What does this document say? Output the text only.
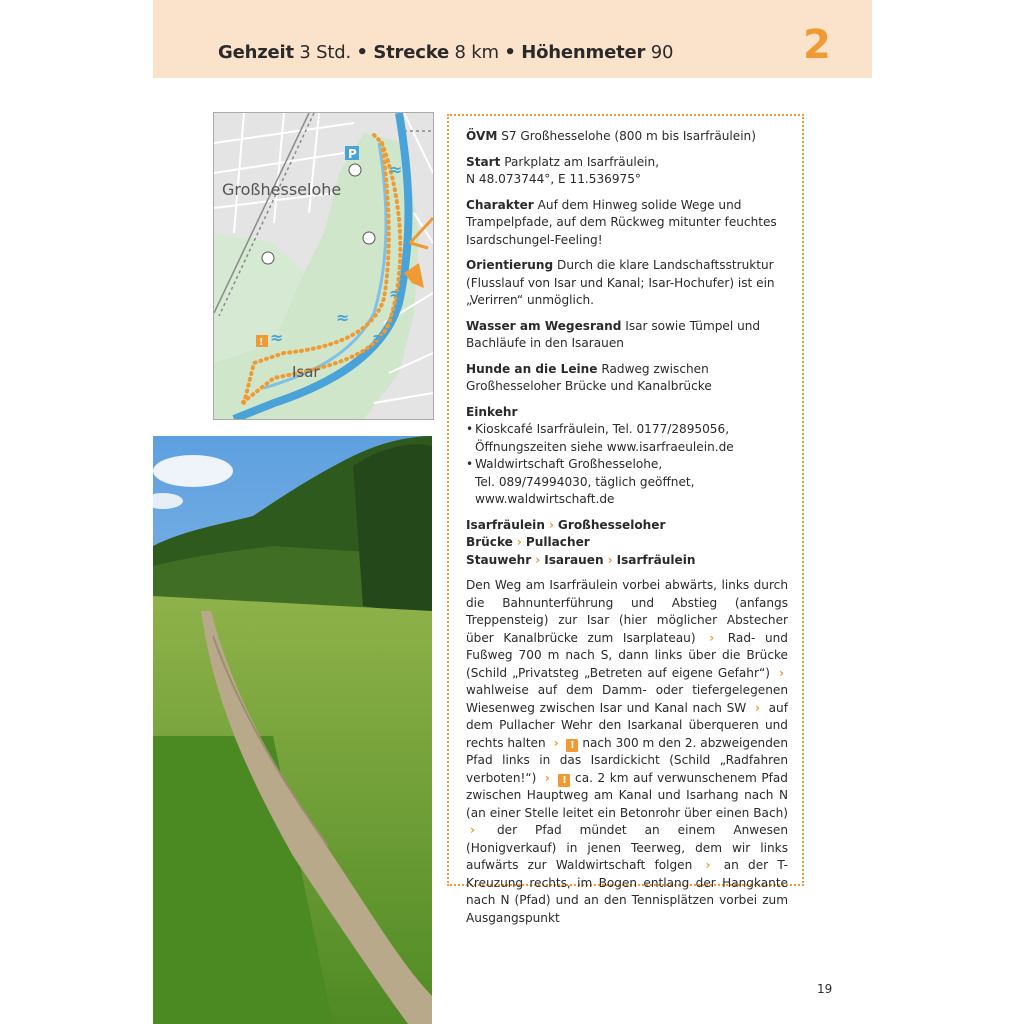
Gehzeit 3 Std. • Strecke 8 km • Höhenmeter 90	2
P
!
≈
≈
≈
≈
≈
Großhesselohe
Isar

ÖVM S7 Großhesselohe (800 m bis Isarfräulein)

Start Parkplatz am Isarfräulein,
N 48.073744°, E 11.536975°

Charakter Auf dem Hinweg solide Wege und Trampelpfade, auf dem Rückweg mitunter feuchtes Isardschungel-Feeling!

Orientierung Durch die klare Landschaftsstruktur (Flusslauf von Isar und Kanal; Isar-Hochufer) ist ein „Verirren“ unmöglich.

Wasser am Wegesrand Isar sowie Tümpel und Bachläufe in den Isarauen

Hunde an die Leine Radweg zwischen Großhesseloher Brücke und Kanalbrücke

Einkehr

• Kioskcafé Isarfräulein, Tel. 0177/2895056,
Öffnungszeiten siehe www.isarfraeulein.de
• Waldwirtschaft Großhesselohe,
Tel. 089/74994030, täglich geöffnet,
www.waldwirtschaft.de

Isarfräulein › Großhesseloher Brücke › Pullacher Stauwehr › Isarauen › Isarfräulein

Den Weg am Isarfräulein vorbei abwärts, links durch die Bahnunterführung und Abstieg (anfangs Treppensteig) zur Isar (hier möglicher Abstecher über Kanalbrücke zum Isarplateau) › Rad- und Fußweg 700 m nach S, dann links über die Brücke (Schild „Privatsteg „Betreten auf eigene Gefahr“) › wahlweise auf dem Damm- oder tiefergelegenen Wiesenweg zwischen Isar und Kanal nach SW › auf dem Pullacher Wehr den Isarkanal überqueren und rechts halten › ! nach 300 m den 2. abzweigenden Pfad links in das Isardickicht (Schild „Radfahren verboten!“) › ! ca. 2 km auf verwunschenem Pfad zwischen Hauptweg am Kanal und Isarhang nach N (an einer Stelle leitet ein Betonrohr über einen Bach) › der Pfad mündet an einem Anwesen (Honigverkauf) in jenen Teerweg, dem wir links aufwärts zur Waldwirtschaft folgen › an der T-Kreuzung rechts, im Bogen entlang der Hangkante nach N (Pfad) und an den Tennisplätzen vorbei zum Ausgangspunkt

19
